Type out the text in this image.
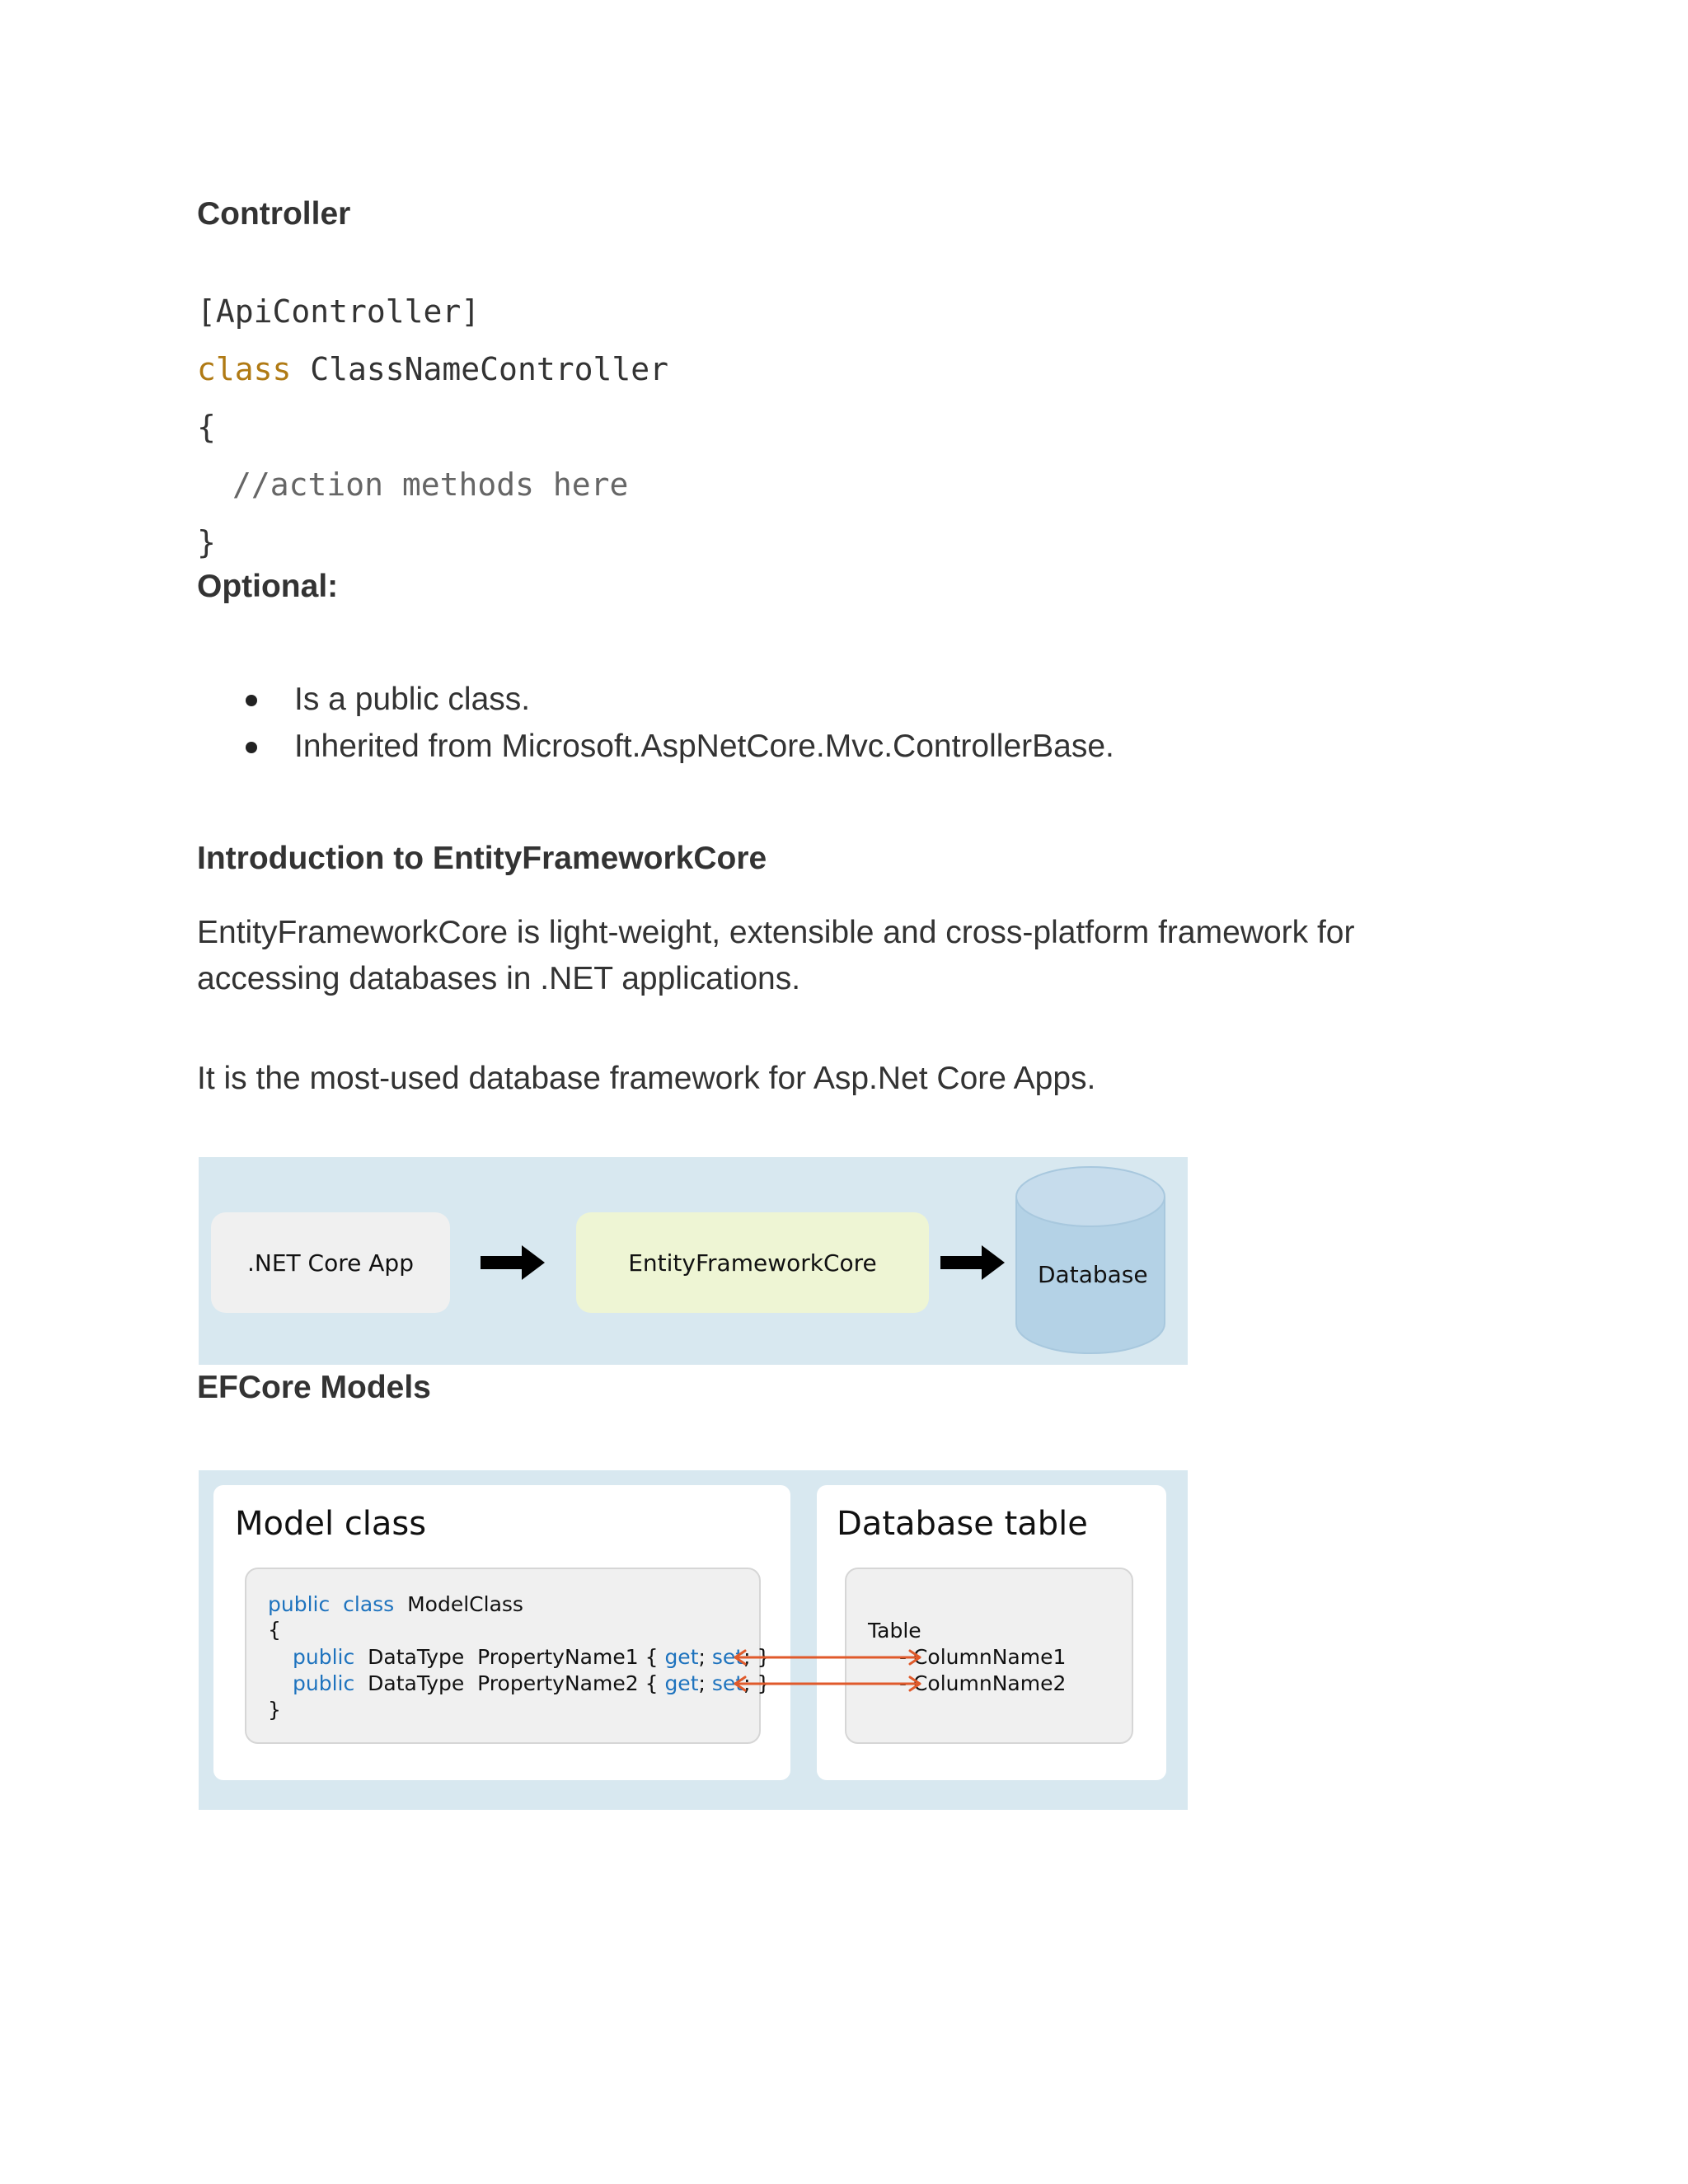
Controller
[ApiController]
class ClassNameController
{
//action methods here
}
Optional:
Is a public class.
Inherited from Microsoft.AspNetCore.Mvc.ControllerBase.
Introduction to EntityFrameworkCore
EntityFrameworkCore is light-weight, extensible and cross-platform framework for
accessing databases in .NET applications.
It is the most-used database framework for Asp.Net Core Apps.
.NET Core App	EntityFrameworkCore	Database
EFCore Models
Model class
public class ModelClass
{
public DataType PropertyName1 { get; set; }
public DataType PropertyName2 { get; set; }
}
Database table
Table
- ColumnName1
- ColumnName2
